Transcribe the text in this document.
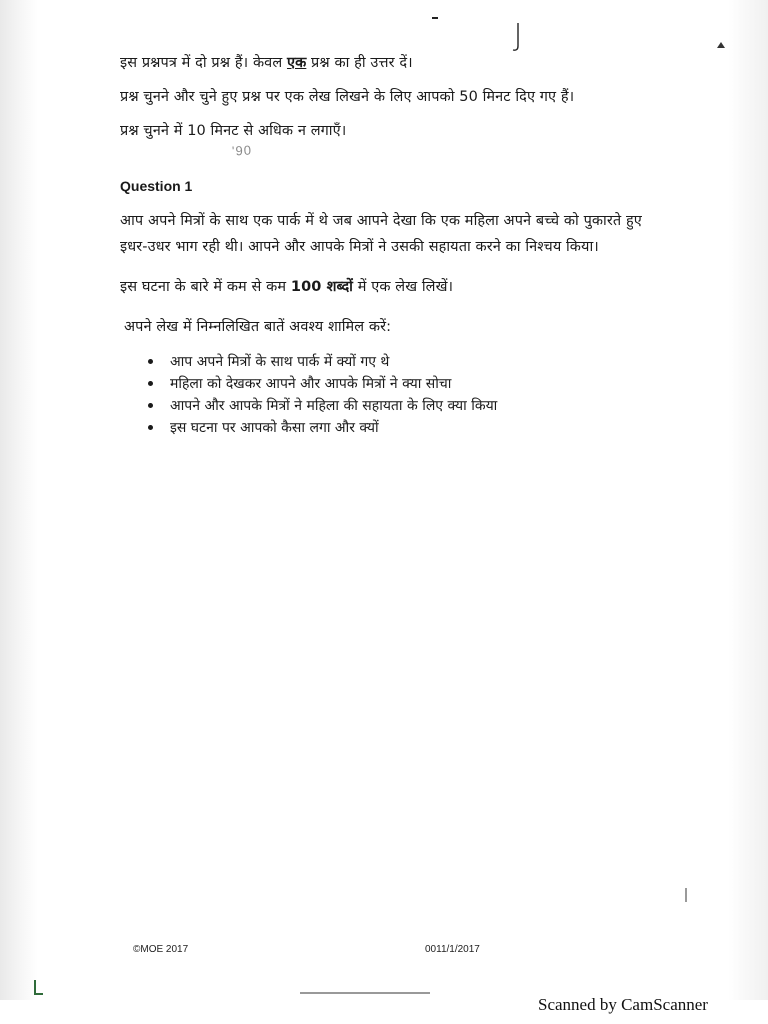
इस प्रश्नपत्र में दो प्रश्न हैं। केवल एक प्रश्न का ही उत्तर दें।
प्रश्न चुनने और चुने हुए प्रश्न पर एक लेख लिखने के लिए आपको 50 मिनट दिए गए हैं।
प्रश्न चुनने में 10 मिनट से अधिक न लगाएँ।
'90
Question 1
आप अपने मित्रों के साथ एक पार्क में थे जब आपने देखा कि एक महिला अपने बच्चे को पुकारते हुए
इधर-उधर भाग रही थी। आपने और आपके मित्रों ने उसकी सहायता करने का निश्चय किया।
इस घटना के बारे में कम से कम 100 शब्दों में एक लेख लिखें।
अपने लेख में निम्नलिखित बातें अवश्य शामिल करें:
आप अपने मित्रों के साथ पार्क में क्यों गए थे
महिला को देखकर आपने और आपके मित्रों ने क्या सोचा
आपने और आपके मित्रों ने महिला की सहायता के लिए क्या किया
इस घटना पर आपको कैसा लगा और क्यों
©MOE 2017	0011/1/2017
Scanned by CamScanner
